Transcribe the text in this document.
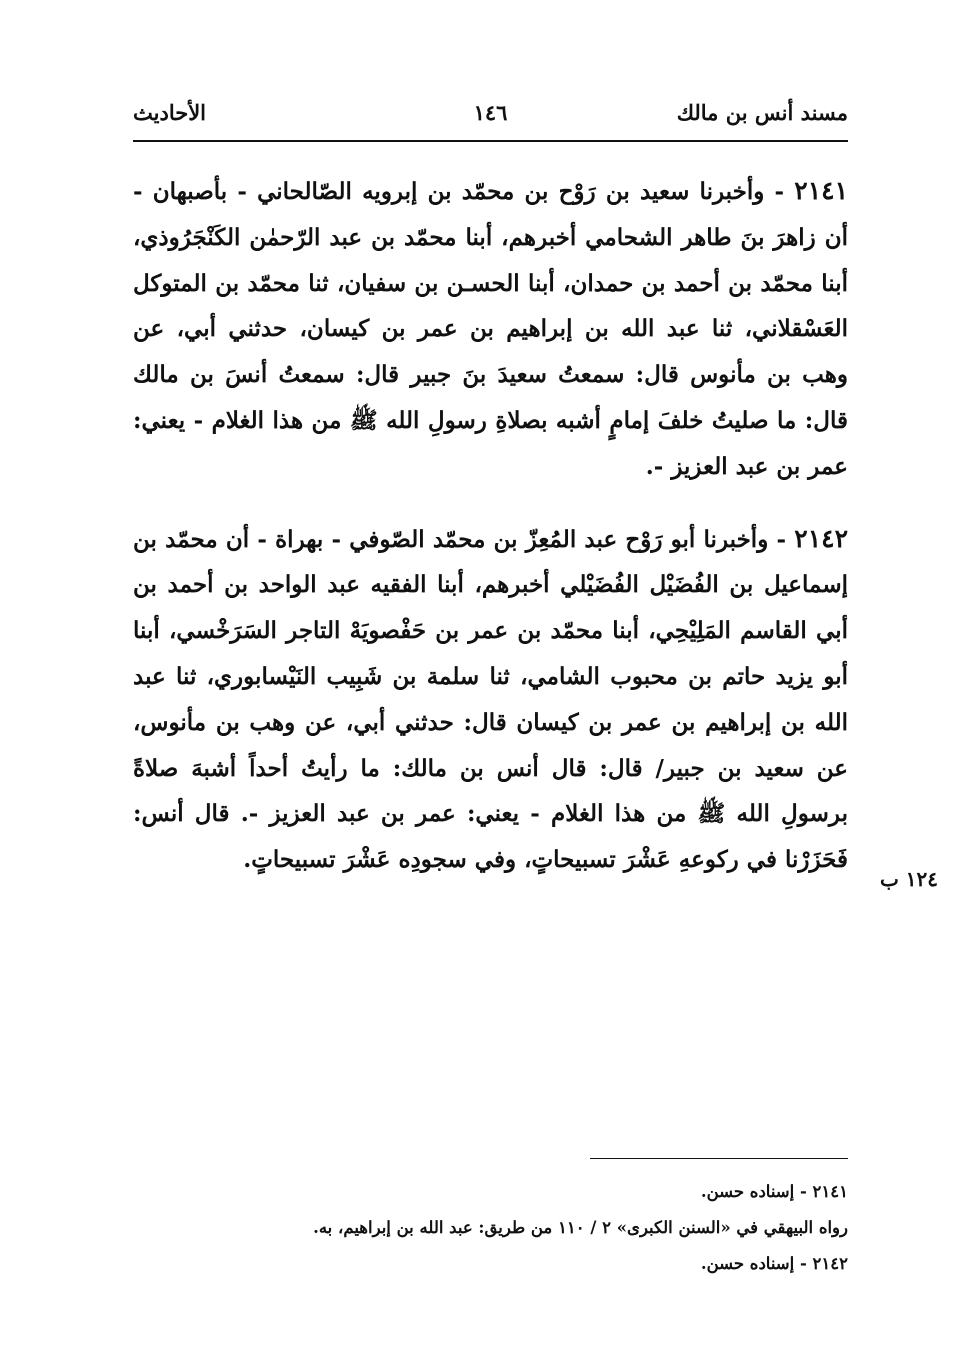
مسند أنس بن مالك
١٤٦
الأحاديث

٢١٤١ - وأخبرنا سعيد بن رَوْح بن محمّد بن إبرويه الصّالحاني - بأصبهان - أن زاهرَ بنَ طاهر الشحامي أخبرهم، أبنا محمّد بن عبد الرّحمٰن الكَنْجَرُوذي، أبنا محمّد بن أحمد بن حمدان، أبنا الحسـن بن سفيان، ثنا محمّد بن المتوكل العَسْقلاني، ثنا عبد الله بن إبراهيم بن عمر بن كيسان، حدثني أبي، عن وهب بن مأنوس قال: سمعتُ سعيدَ بنَ جبير قال: سمعتُ أنسَ بن مالك قال: ما صليتُ خلفَ إمامٍ أشبه بصلاةِ رسولِ الله ﷺ من هذا الغلام - يعني: عمر بن عبد العزيز -.

٢١٤٢ - وأخبرنا أبو رَوْح عبد المُعِزّ بن محمّد الصّوفي - بهراة - أن محمّد بن إسماعيل بن الفُضَيْل الفُضَيْلي أخبرهم، أبنا الفقيه عبد الواحد بن أحمد بن أبي القاسم المَلِيْحِي، أبنا محمّد بن عمر بن حَفْصويَهْ التاجر السَرَخْسي، أبنا أبو يزيد حاتم بن محبوب الشامي، ثنا سلمة بن شَبِيب النَيْسابوري، ثنا عبد الله بن إبراهيم بن عمر بن كيسان قال: حدثني أبي، عن وهب بن مأنوس، عن سعيد بن جبير/ قال: قال أنس بن مالك: ما رأيتُ أحداً أشبهَ صلاةً برسولِ الله ﷺ من هذا الغلام - يعني: عمر بن عبد العزيز -. قال أنس: فَحَزَرْنا في ركوعهِ عَشْرَ تسبيحاتٍ، وفي سجودِه عَشْرَ تسبيحاتٍ.

١٢٤ ب

٢١٤١ - إسناده حسن.

رواه البيهقي في «السنن الكبرى» ٢ / ١١٠ من طريق: عبد الله بن إبراهيم، به.

٢١٤٢ - إسناده حسن.
